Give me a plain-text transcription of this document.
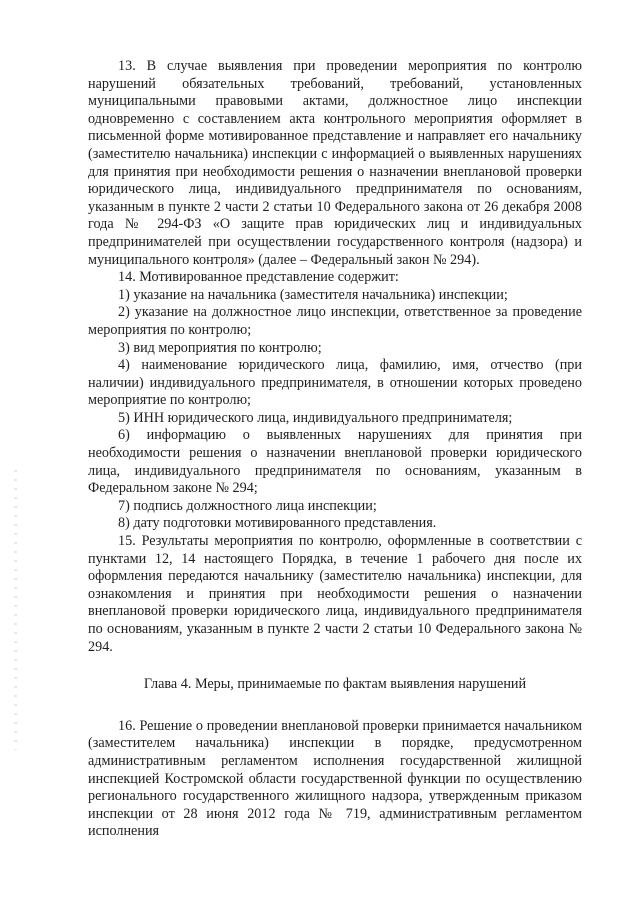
13. В случае выявления при проведении мероприятия по контролю нарушений обязательных требований, требований, установленных муниципальными правовыми актами, должностное лицо инспекции одновременно с составлением акта контрольного мероприятия оформляет в письменной форме мотивированное представление и направляет его начальнику (заместителю начальника) инспекции с информацией о выявленных нарушениях для принятия при необходимости решения о назначении внеплановой проверки юридического лица, индивидуального предпринимателя по основаниям, указанным в пункте 2 части 2 статьи 10 Федерального закона от 26 декабря 2008 года № 294-ФЗ «О защите прав юридических лиц и индивидуальных предпринимателей при осуществлении государственного контроля (надзора) и муниципального контроля» (далее – Федеральный закон № 294).

14. Мотивированное представление содержит:

1) указание на начальника (заместителя начальника) инспекции;

2) указание на должностное лицо инспекции, ответственное за проведение мероприятия по контролю;

3) вид мероприятия по контролю;

4) наименование юридического лица, фамилию, имя, отчество (при наличии) индивидуального предпринимателя, в отношении которых проведено мероприятие по контролю;

5) ИНН юридического лица, индивидуального предпринимателя;

6) информацию о выявленных нарушениях для принятия при необходимости решения о назначении внеплановой проверки юридического лица, индивидуального предпринимателя по основаниям, указанным в Федеральном законе № 294;

7) подпись должностного лица инспекции;

8) дату подготовки мотивированного представления.

15. Результаты мероприятия по контролю, оформленные в соответствии с пунктами 12, 14 настоящего Порядка, в течение 1 рабочего дня после их оформления передаются начальнику (заместителю начальника) инспекции, для ознакомления и принятия при необходимости решения о назначении внеплановой проверки юридического лица, индивидуального предпринимателя по основаниям, указанным в пункте 2 части 2 статьи 10 Федерального закона № 294.

Глава 4. Меры, принимаемые по фактам выявления нарушений

16. Решение о проведении внеплановой проверки принимается начальником (заместителем начальника) инспекции в порядке, предусмотренном административным регламентом исполнения государственной жилищной инспекцией Костромской области государственной функции по осуществлению регионального государственного жилищного надзора, утвержденным приказом инспекции от 28 июня 2012 года № 719, административным регламентом исполнения
